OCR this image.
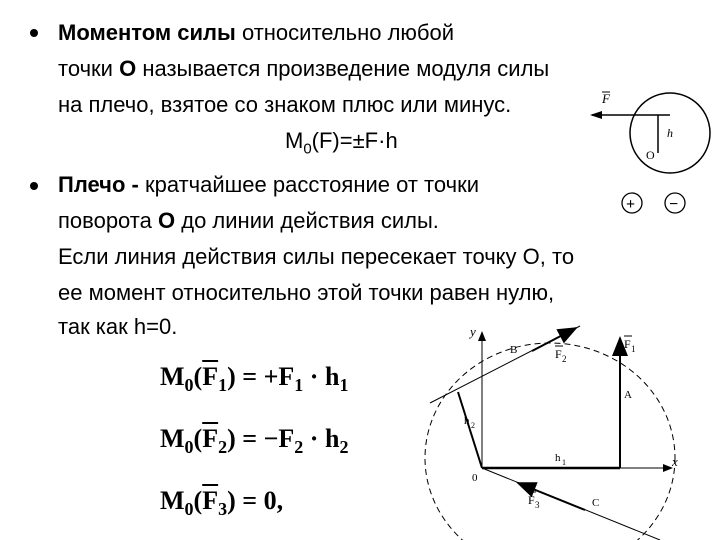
Моментом силы относительно любой
точки О называется произведение модуля силы
на плечо, взятое со знаком плюс или минус.
$M_0(F)=\pm F\cdot h$
Плечо - кратчайшее расстояние от точки
поворота О до линии действия силы.
Если линия действия силы пересекает точку О, то
ее момент относительно этой точки равен нулю,
так как h=0.
F
h
O
+ −
$M_0(\overline{F}_1) = +F_1 \cdot h_1$
$M_0(\overline{F}_2) = -F_2 \cdot h_2$
$M_0(\overline{F}_3) = 0$,
y
x
0
B	F 2
F 1
A
h 2
h 1
F 3	C
